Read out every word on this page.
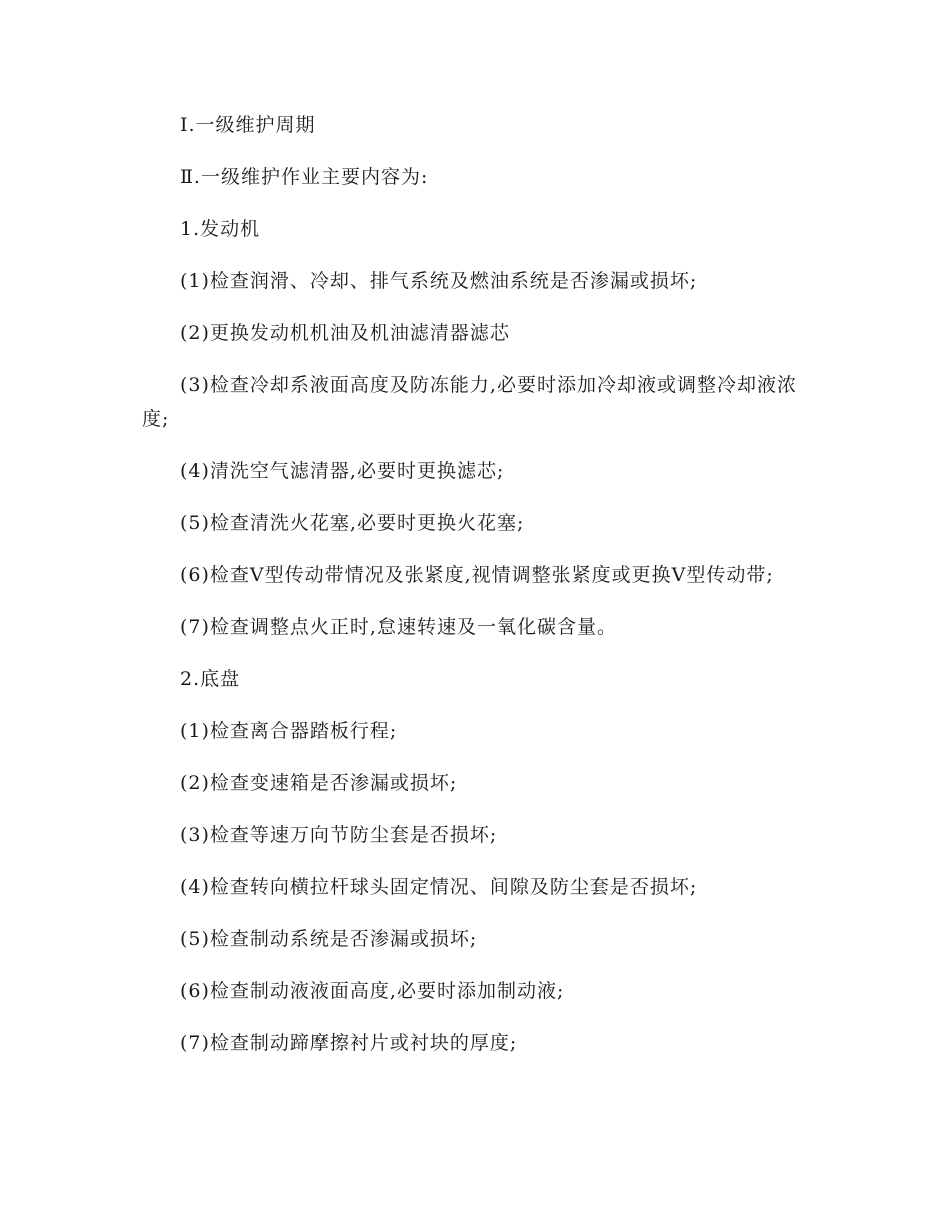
Ⅰ.一级维护周期

Ⅱ.一级维护作业主要内容为:

1.发动机

(1)检查润滑、冷却、排气系统及燃油系统是否渗漏或损坏;

(2)更换发动机机油及机油滤清器滤芯

(3)检查冷却系液面高度及防冻能力,必要时添加冷却液或调整冷却液浓度;

(4)清洗空气滤清器,必要时更换滤芯;

(5)检查清洗火花塞,必要时更换火花塞;

(6)检查V型传动带情况及张紧度,视情调整张紧度或更换V型传动带;

(7)检查调整点火正时,怠速转速及一氧化碳含量。

2.底盘

(1)检查离合器踏板行程;

(2)检查变速箱是否渗漏或损坏;

(3)检查等速万向节防尘套是否损坏;

(4)检查转向横拉杆球头固定情况、间隙及防尘套是否损坏;

(5)检查制动系统是否渗漏或损坏;

(6)检查制动液液面高度,必要时添加制动液;

(7)检查制动蹄摩擦衬片或衬块的厚度;
